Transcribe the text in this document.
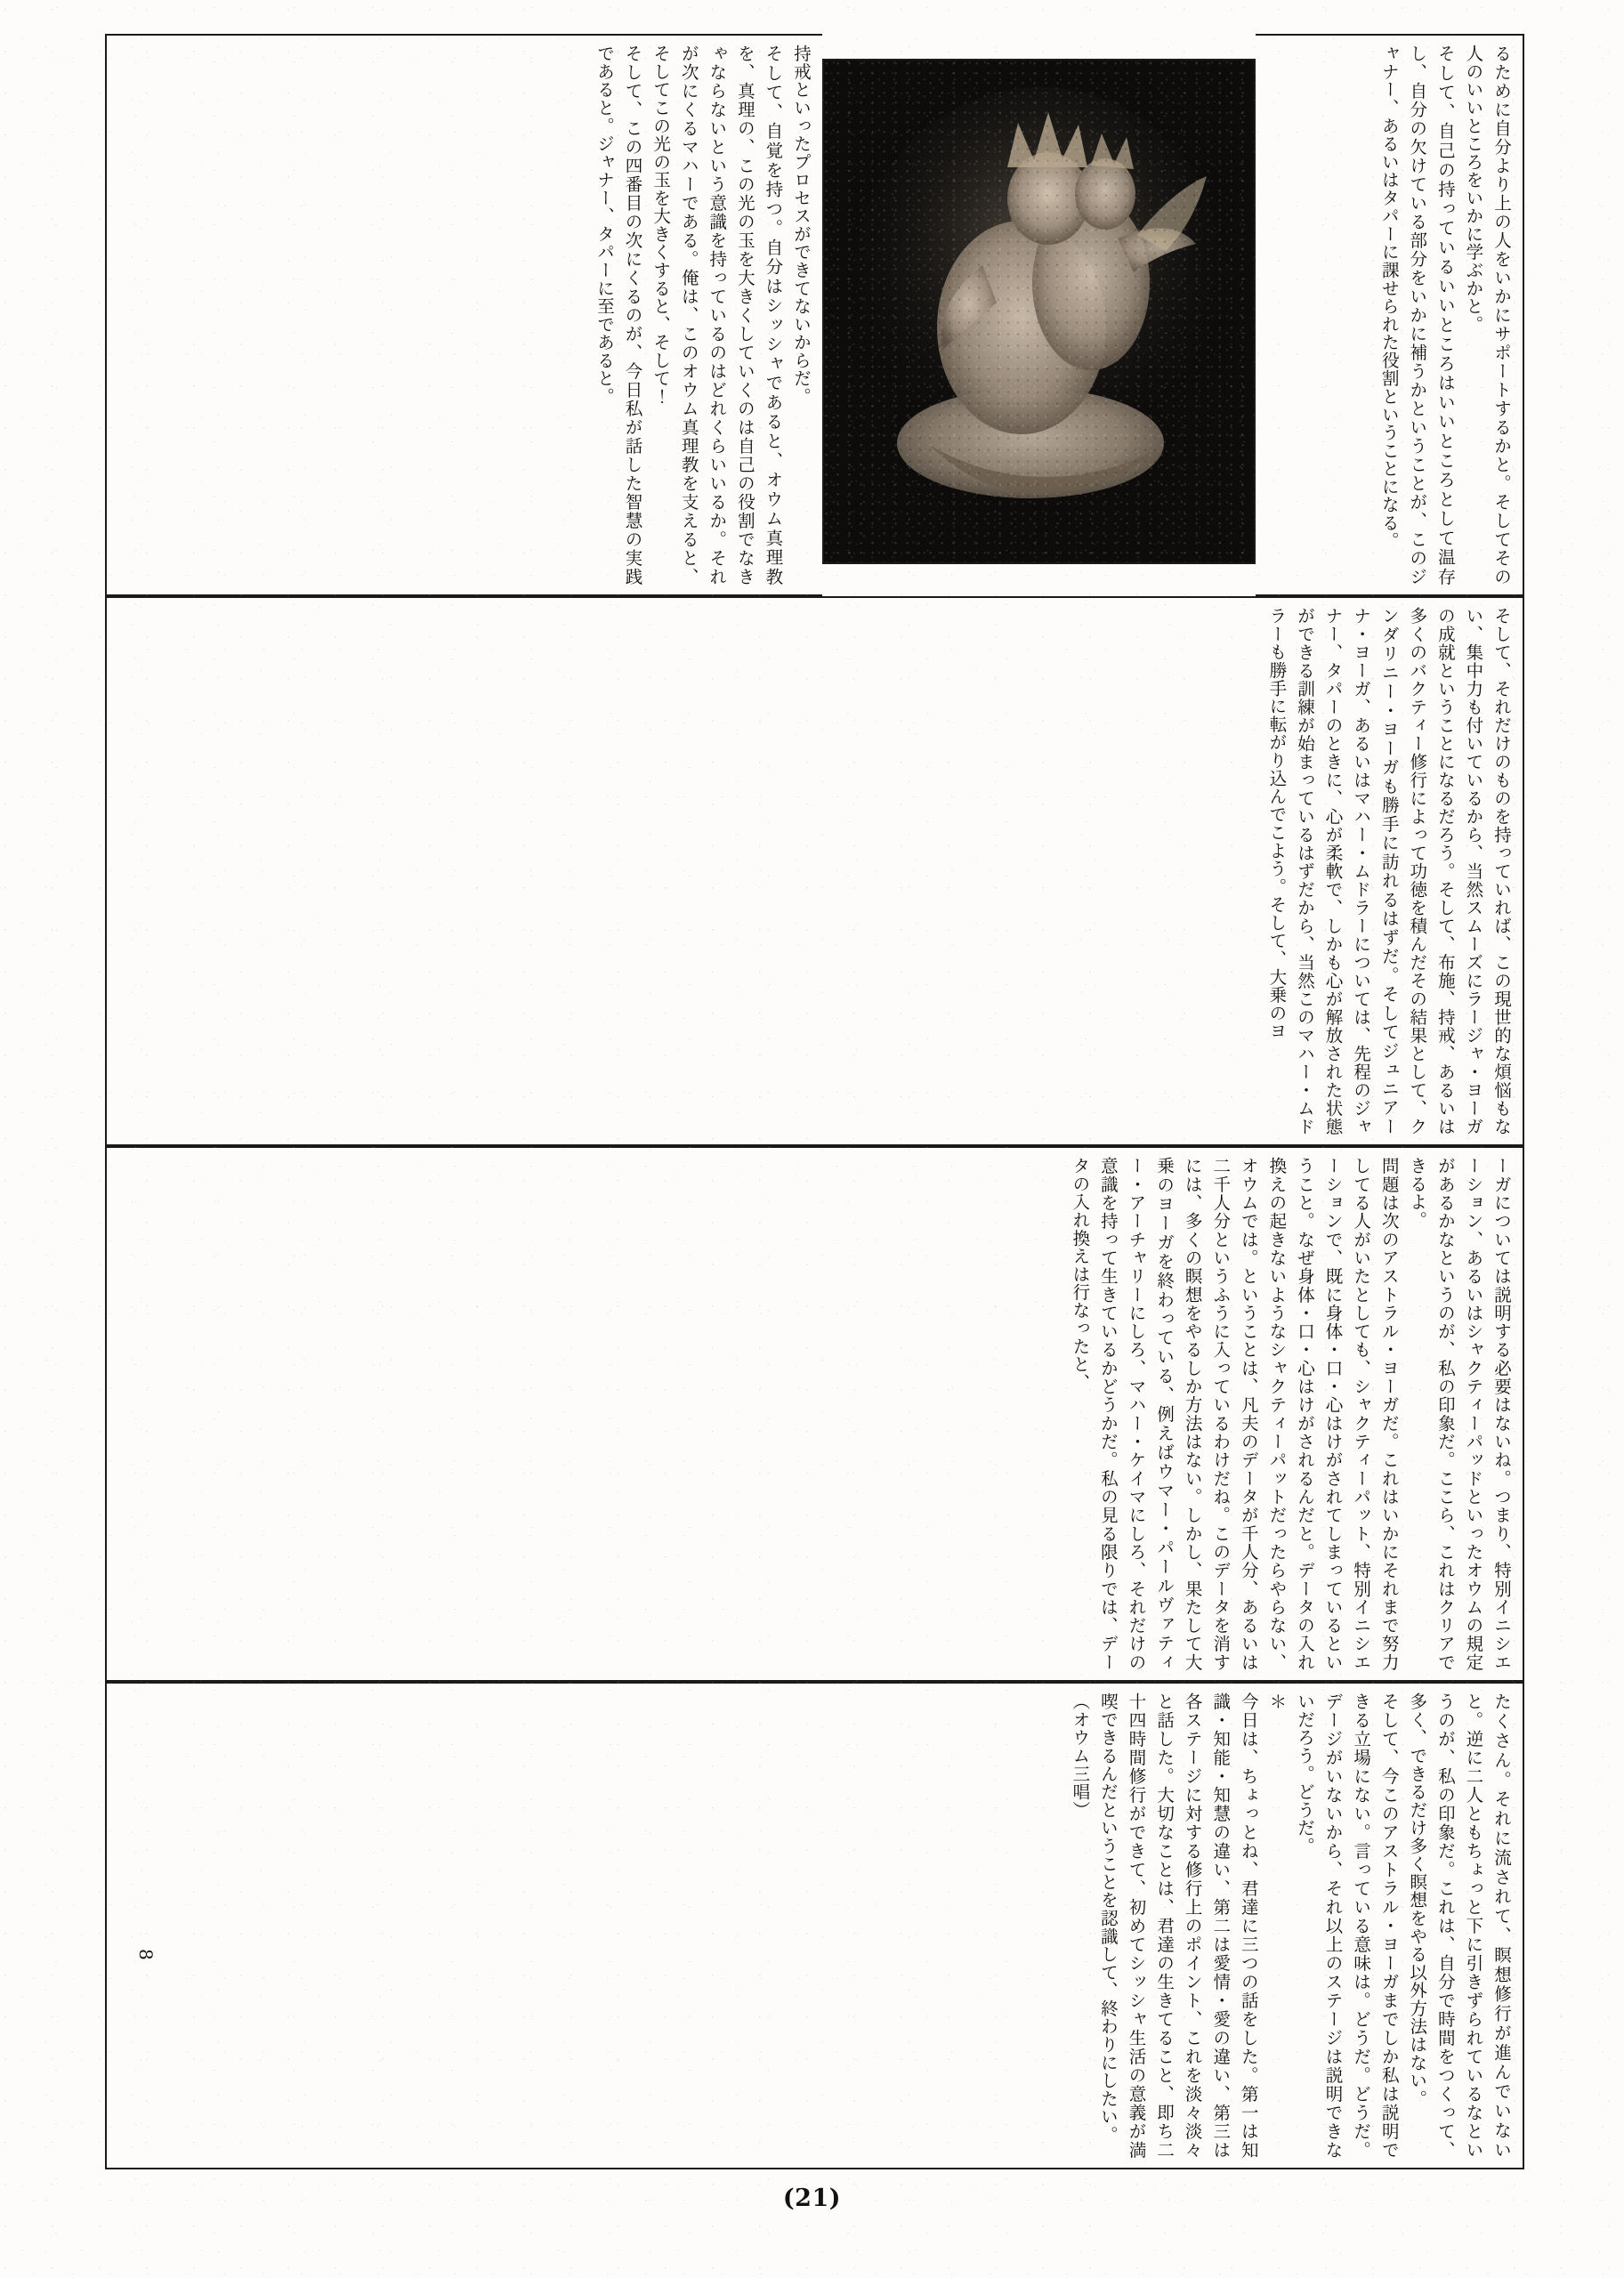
持戒といったプロセスができてないからだ。

そして、自覚を持つ。自分はシッシャであると、オウム真理教を、真理の、この光の玉を大きくしていくのは自己の役割でなきゃならないという意識を持っているのはどれくらいいるか。それが次にくるマハーである。俺は、このオウム真理教を支えると、そしてこの光の玉を大きくすると、そして！

そして、この四番目の次にくるのが、今日私が話した智慧の実践であると。ジャナー、タパーに至であると。	るために自分より上の人をいかにサポートするかと。そしてその人のいいところをいかに学ぶかと。

そして、自己の持っているいいところはいいところとして温存し、自分の欠けている部分をいかに補うかということが、このジャナー、あるいはタパーに課せられた役割ということになる。

そして、それだけのものを持っていれば、この現世的な煩悩もない、集中力も付いているから、当然スムーズにラージャ・ヨーガの成就ということになるだろう。そして、布施、持戒、あるいは多くのバクティー修行によって功徳を積んだその結果として、クンダリニー・ヨーガも勝手に訪れるはずだ。そしてジュニアーナ・ヨーガ、あるいはマハー・ムドラーについては、先程のジャナー、タパーのときに、心が柔軟で、しかも心が解放された状態ができる訓練が始まっているはずだから、当然このマハー・ムドラーも勝手に転がり込んでこよう。そして、大乗のヨ

ーガについては説明する必要はないね。つまり、特別イニシエーション、あるいはシャクティーパッドといったオウムの規定があるかなというのが、私の印象だ。ここら、これはクリアできるよ。

問題は次のアストラル・ヨーガだ。これはいかにそれまで努力してる人がいたとしても、シャクティーパット、特別イニシエーションで、既に身体・口・心はけがされてしまっているということ。なぜ身体・口・心はけがされるんだと。データの入れ換えの起きないようなシャクティーパットだったらやらない、オウムでは。ということは、凡夫のデータが千人分、あるいは二千人分というふうに入っているわけだね。このデータを消すには、多くの瞑想をやるしか方法はない。しかし、果たして大乗のヨーガを終わっている、例えばウマー・パールヴァティー・アーチャリーにしろ、マハー・ケイマにしろ、それだけの意識を持って生きているかどうかだ。私の見る限りでは、データの入れ換えは行なったと、

たくさん。それに流されて、瞑想修行が進んでいないと。逆に二人ともちょっと下に引きずられているなというのが、私の印象だ。これは、自分で時間をつくって、多く、できるだけ多く瞑想をやる以外方法はない。

そして、今このアストラル・ヨーガまでしか私は説明できる立場にない。言っている意味は。どうだ。どうだ。デージがいないから、それ以上のステージは説明できないだろう。どうだ。

＊

今日は、ちょっとね、君達に三つの話をした。第一は知識・知能・知慧の違い、第二は愛情・愛の違い、第三は各ステージに対する修行上のポイント、これを淡々淡々と話した。大切なことは、君達の生きてること、即ち二十四時間修行ができて、初めてシッシャ生活の意義が満喫できるんだということを認識して、終わりにしたい。

（オウム三唱）

8
(21)
